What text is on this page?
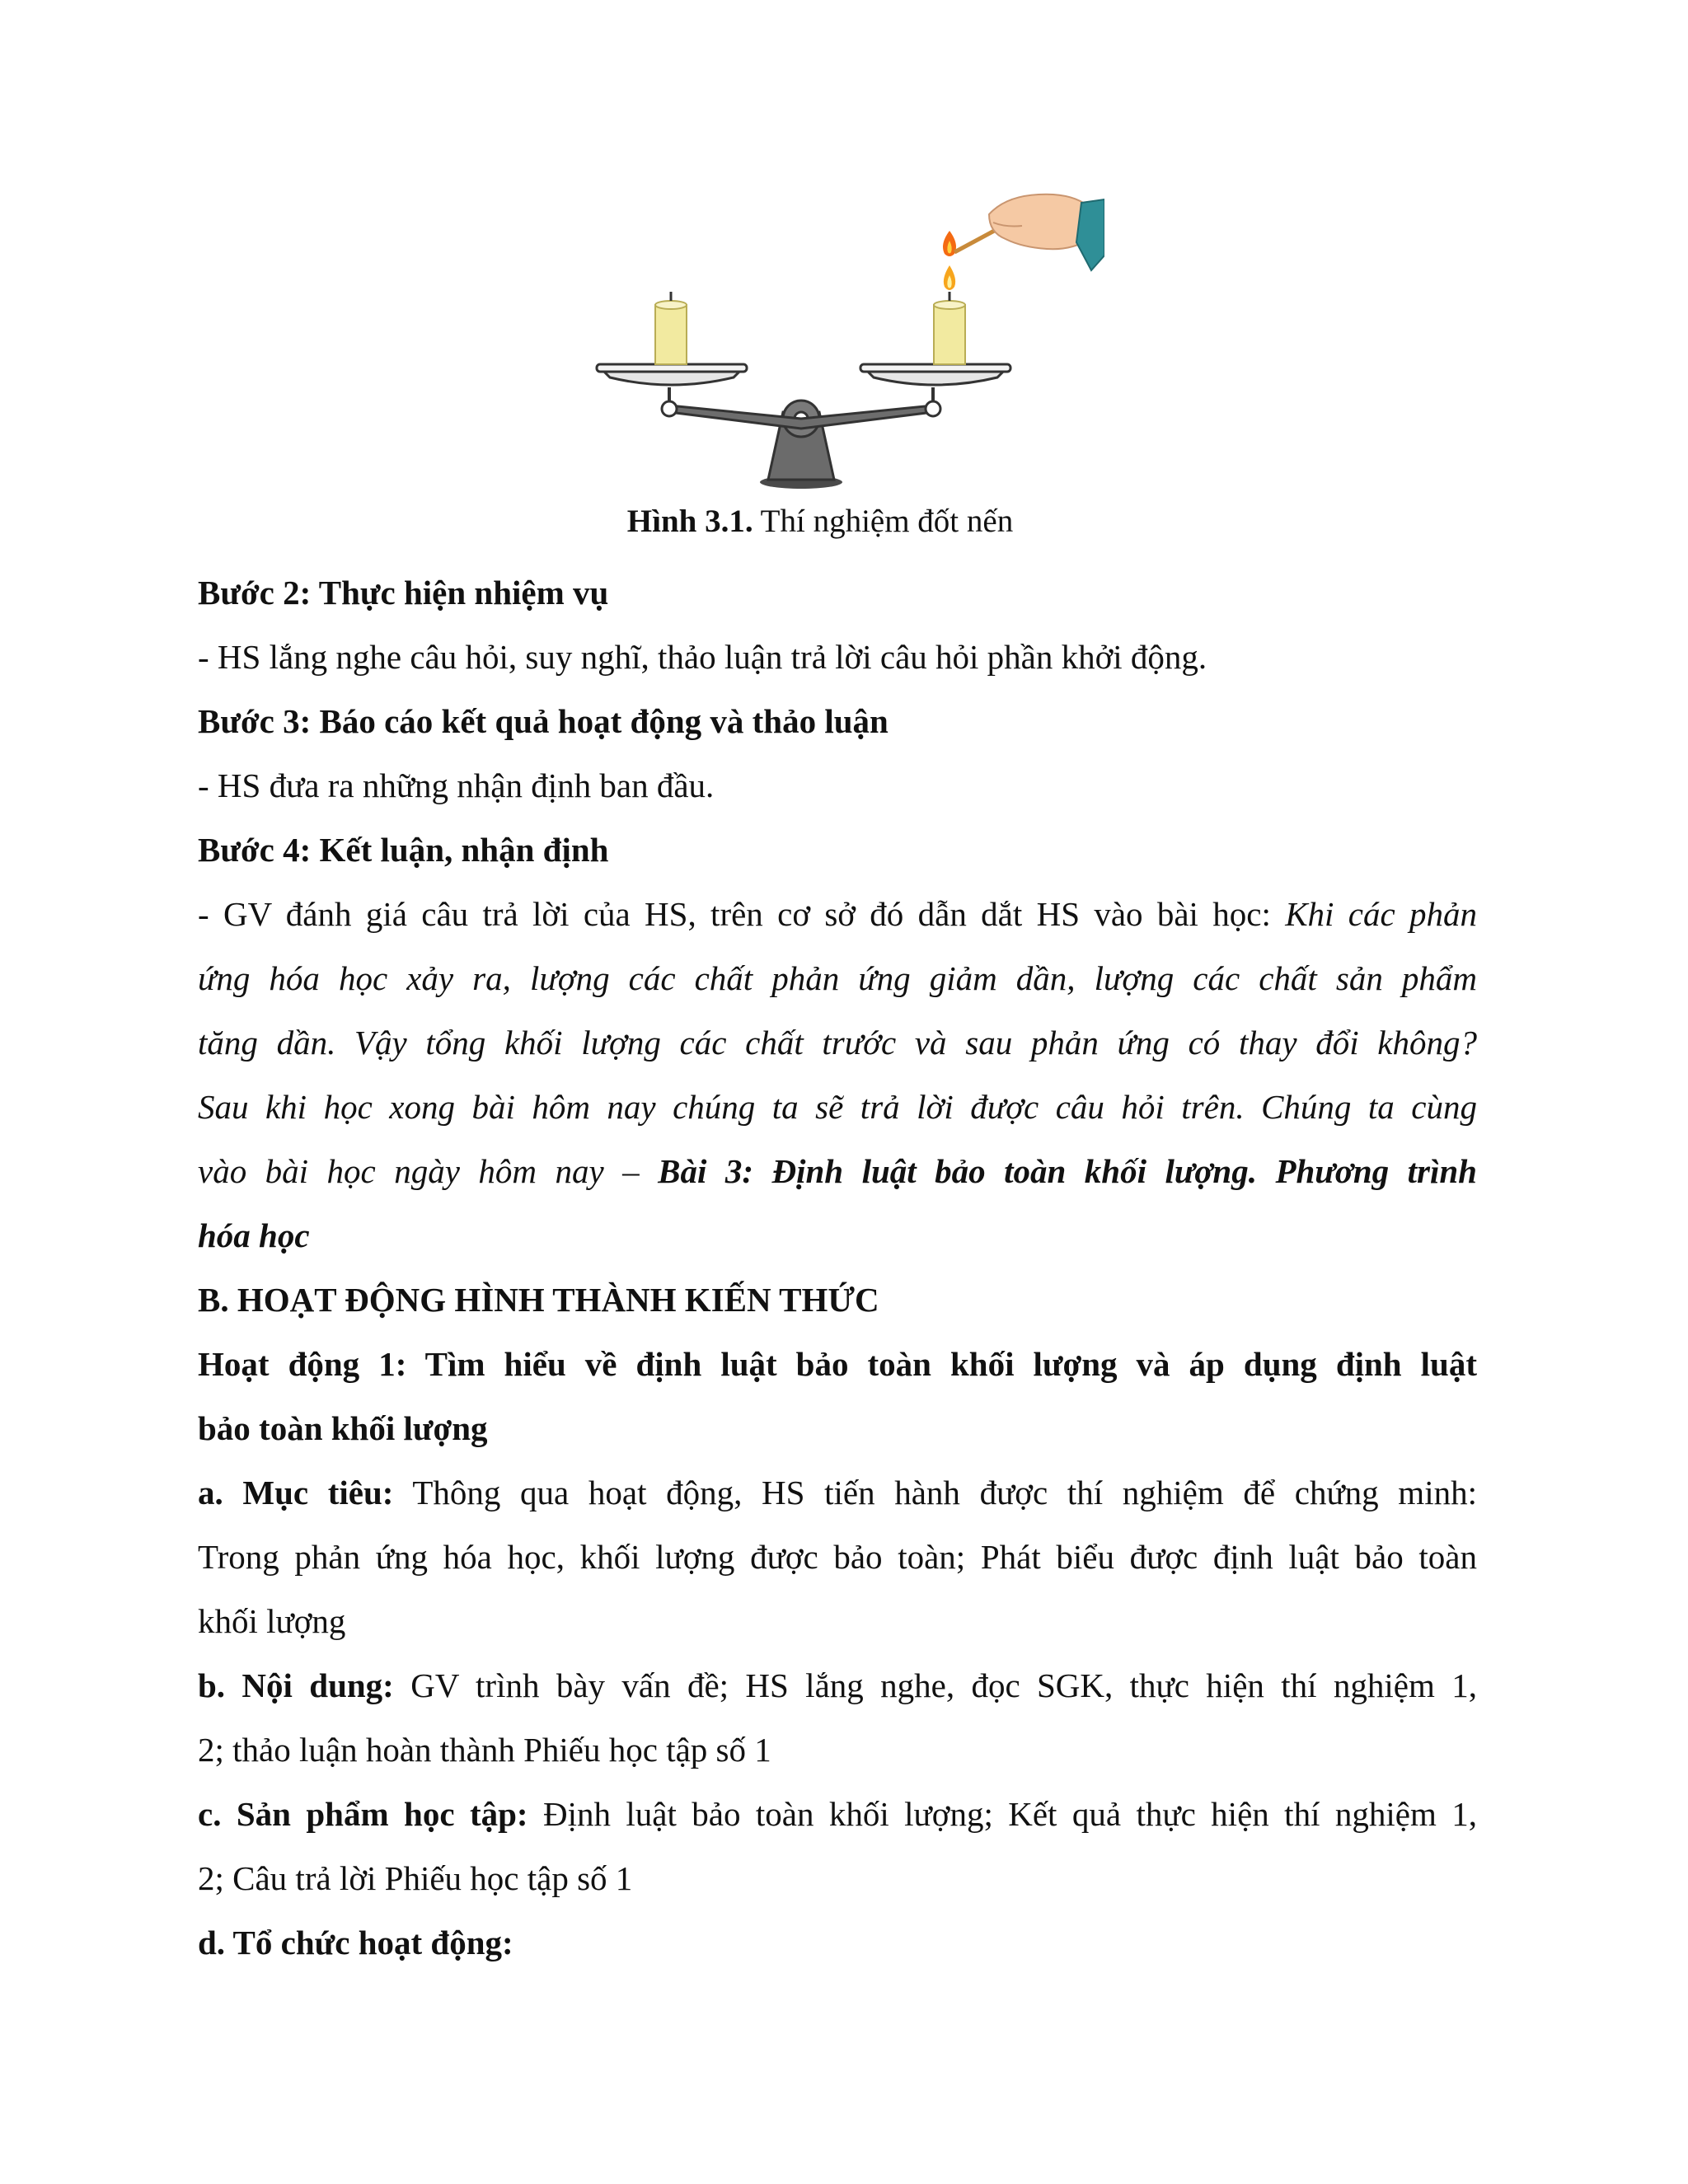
Hình 3.1. Thí nghiệm đốt nến
Bước 2: Thực hiện nhiệm vụ
- HS lắng nghe câu hỏi, suy nghĩ, thảo luận trả lời câu hỏi phần khởi động.
Bước 3: Báo cáo kết quả hoạt động và thảo luận
- HS đưa ra những nhận định ban đầu.
Bước 4: Kết luận, nhận định
- GV đánh giá câu trả lời của HS, trên cơ sở đó dẫn dắt HS vào bài học: Khi các phản
ứng hóa học xảy ra, lượng các chất phản ứng giảm dần, lượng các chất sản phẩm
tăng dần. Vậy tổng khối lượng các chất trước và sau phản ứng có thay đổi không?
Sau khi học xong bài hôm nay chúng ta sẽ trả lời được câu hỏi trên. Chúng ta cùng
vào bài học ngày hôm nay – Bài 3: Định luật bảo toàn khối lượng. Phương trình
hóa học
B. HOẠT ĐỘNG HÌNH THÀNH KIẾN THỨC
Hoạt động 1: Tìm hiểu về định luật bảo toàn khối lượng và áp dụng định luật
bảo toàn khối lượng
a. Mục tiêu: Thông qua hoạt động, HS tiến hành được thí nghiệm để chứng minh:
Trong phản ứng hóa học, khối lượng được bảo toàn; Phát biểu được định luật bảo toàn
khối lượng
b. Nội dung: GV trình bày vấn đề; HS lắng nghe, đọc SGK, thực hiện thí nghiệm 1,
2; thảo luận hoàn thành Phiếu học tập số 1
c. Sản phẩm học tập: Định luật bảo toàn khối lượng; Kết quả thực hiện thí nghiệm 1,
2; Câu trả lời Phiếu học tập số 1
d. Tổ chức hoạt động:
